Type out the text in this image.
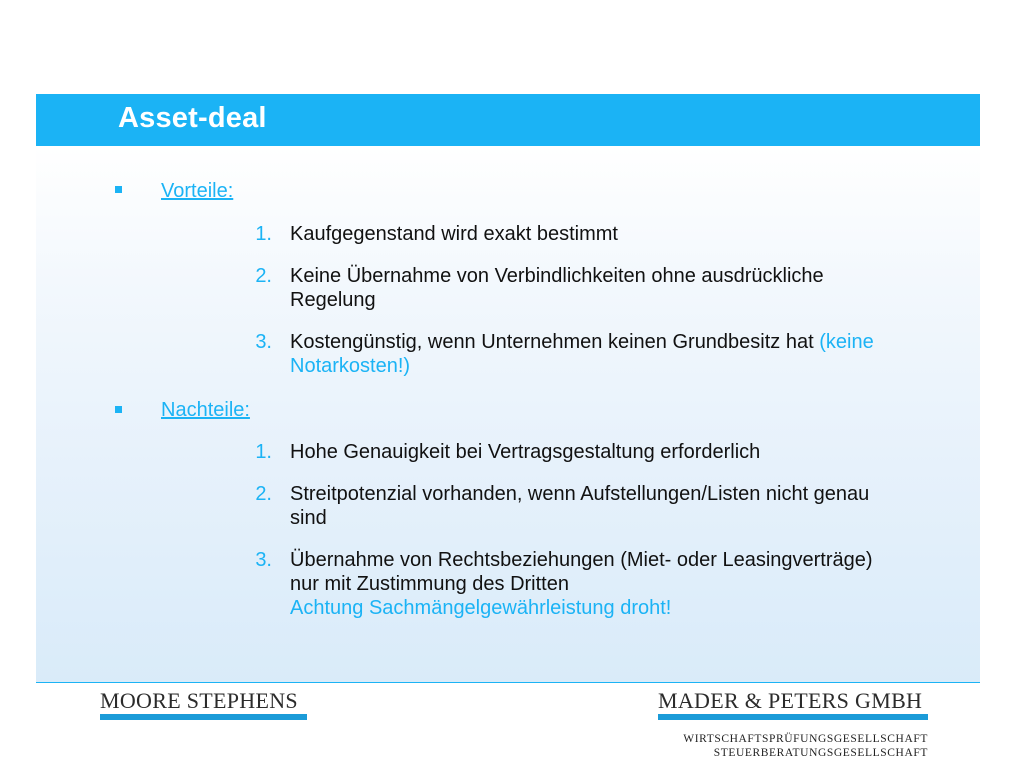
Asset-deal
Vorteile:
1. Kaufgegenstand wird exakt bestimmt
2. Keine Übernahme von Verbindlichkeiten ohne ausdrückliche Regelung
3. Kostengünstig, wenn Unternehmen keinen Grundbesitz hat (keine Notarkosten!)
Nachteile:
1. Hohe Genauigkeit bei Vertragsgestaltung erforderlich
2. Streitpotenzial vorhanden, wenn Aufstellungen/Listen nicht genau sind
3. Übernahme von Rechtsbeziehungen (Miet- oder Leasingverträge) nur mit Zustimmung des Dritten
Achtung Sachmängelgewährleistung droht!
MOORE STEPHENS	MADER & PETERS GMBH
WIRTSCHAFTSPRÜFUNGSGESELLSCHAFT
STEUERBERATUNGSGESELLSCHAFT
